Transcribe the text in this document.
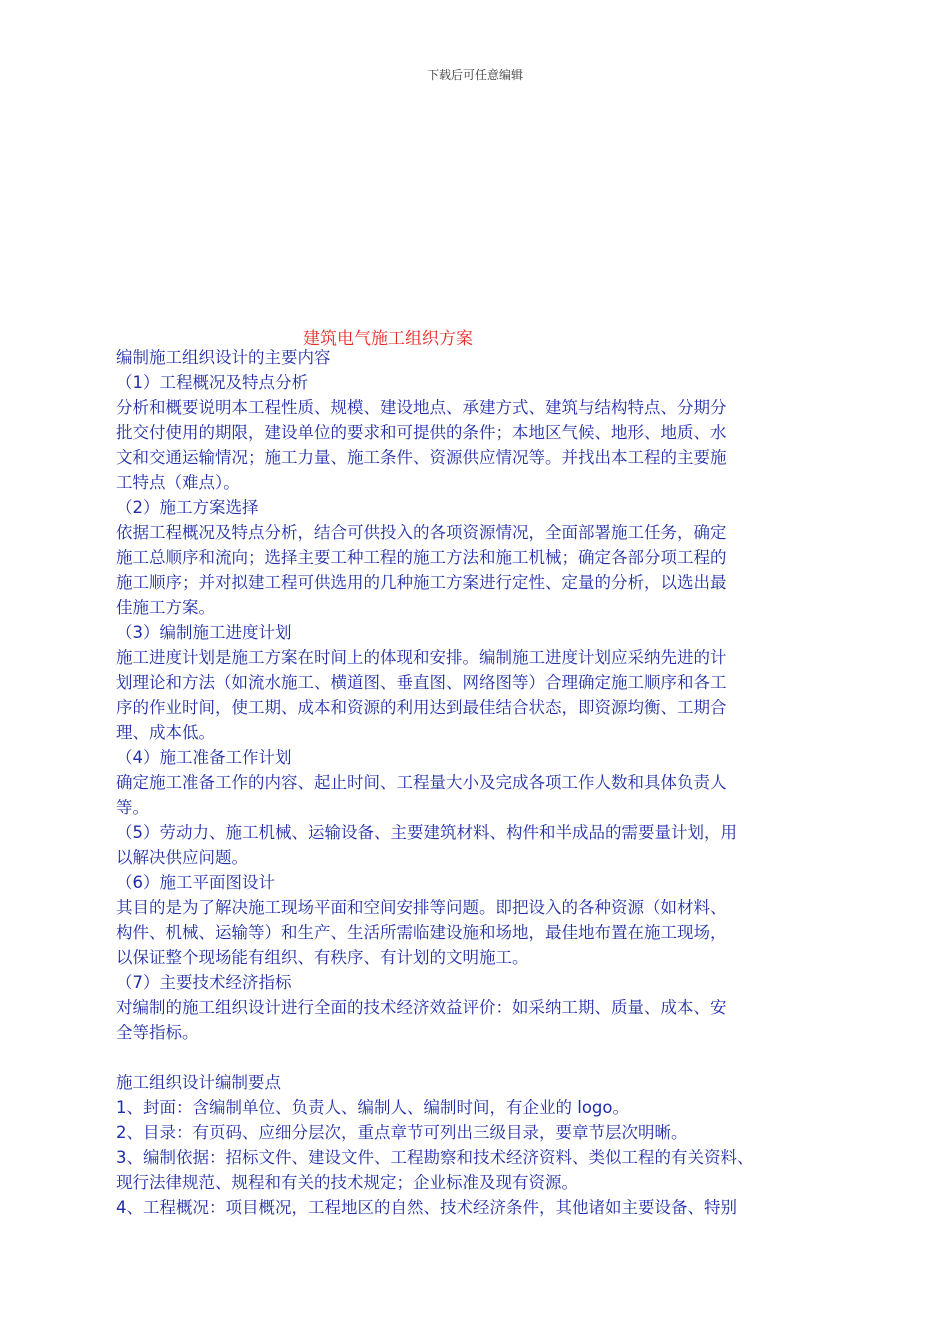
下载后可任意编辑
建筑电气施工组织方案
编制施工组织设计的主要内容
（1）工程概况及特点分析
分析和概要说明本工程性质、规模、建设地点、承建方式、建筑与结构特点、分期分
批交付使用的期限，建设单位的要求和可提供的条件；本地区气候、地形、地质、水
文和交通运输情况；施工力量、施工条件、资源供应情况等。并找出本工程的主要施
工特点（难点）。
（2）施工方案选择
依据工程概况及特点分析，结合可供投入的各项资源情况，全面部署施工任务，确定
施工总顺序和流向；选择主要工种工程的施工方法和施工机械；确定各部分项工程的
施工顺序；并对拟建工程可供选用的几种施工方案进行定性、定量的分析，以选出最
佳施工方案。
（3）编制施工进度计划
施工进度计划是施工方案在时间上的体现和安排。编制施工进度计划应采纳先进的计
划理论和方法（如流水施工、横道图、垂直图、网络图等）合理确定施工顺序和各工
序的作业时间，使工期、成本和资源的利用达到最佳结合状态，即资源均衡、工期合
理、成本低。
（4）施工准备工作计划
确定施工准备工作的内容、起止时间、工程量大小及完成各项工作人数和具体负责人
等。
（5）劳动力、施工机械、运输设备、主要建筑材料、构件和半成品的需要量计划，用
以解决供应问题。
（6）施工平面图设计
其目的是为了解决施工现场平面和空间安排等问题。即把设入的各种资源（如材料、
构件、机械、运输等）和生产、生活所需临建设施和场地，最佳地布置在施工现场，
以保证整个现场能有组织、有秩序、有计划的文明施工。
（7）主要技术经济指标
对编制的施工组织设计进行全面的技术经济效益评价：如采纳工期、质量、成本、安
全等指标。
施工组织设计编制要点
1、封面：含编制单位、负责人、编制人、编制时间，有企业的 logo。
2、目录：有页码、应细分层次，重点章节可列出三级目录，要章节层次明晰。
3、编制依据：招标文件、建设文件、工程勘察和技术经济资料、类似工程的有关资料、
现行法律规范、规程和有关的技术规定；企业标准及现有资源。
4、工程概况：项目概况，工程地区的自然、技术经济条件，其他诸如主要设备、特别
